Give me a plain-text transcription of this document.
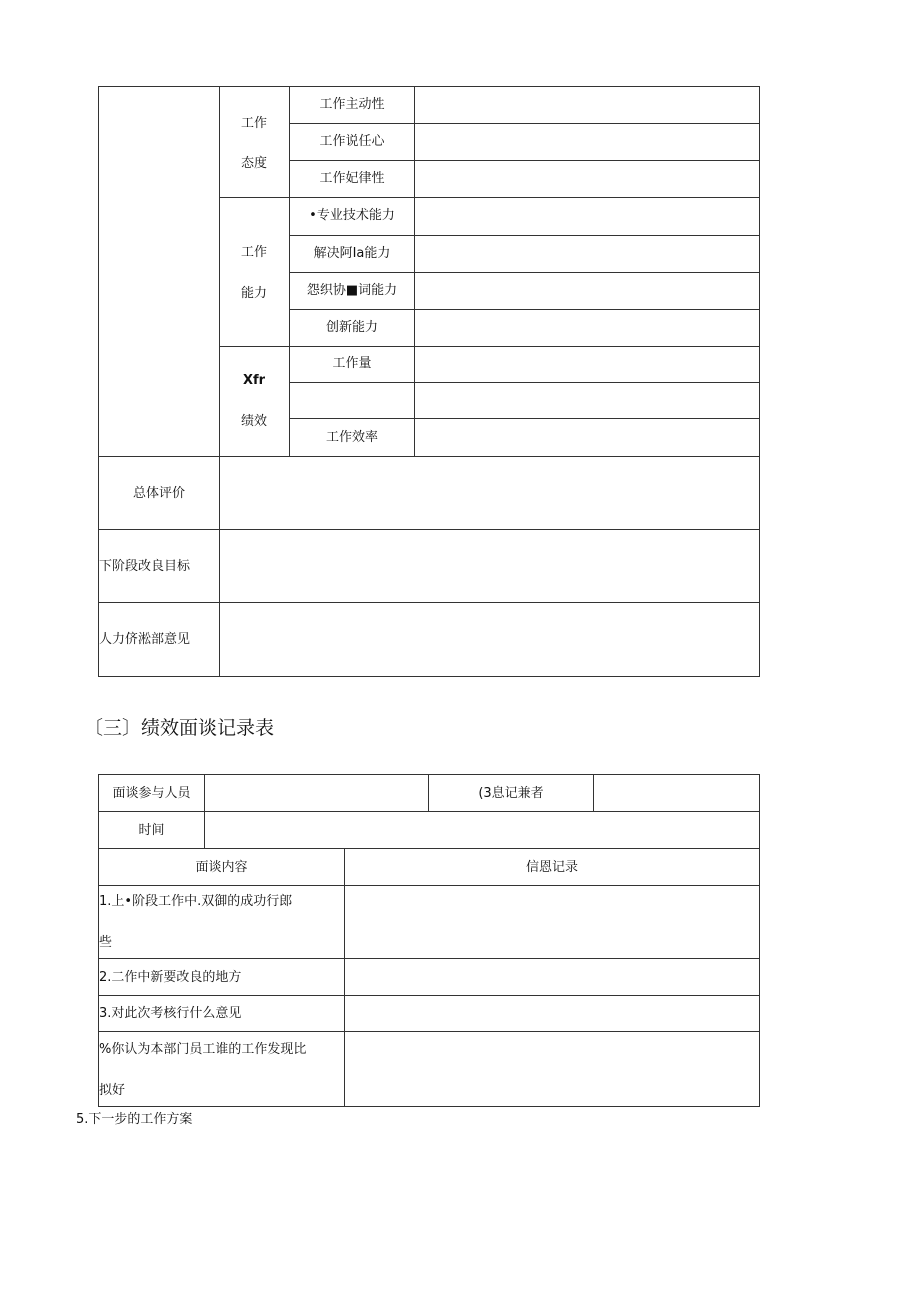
工作
态度
工作主动性
工作说任心
工作妃律性
工作
能力
•专业技术能力
解决阿Ia能力
怨织协■词能力
创新能力
Xfr
绩效
工作量
工作效率
总体评价
下阶段改良目标
人力侪淞部意见
〔三〕绩效面谈记录表
面谈参与人员	(3息记兼者
时间
面谈内容	信恩记录
1.上•阶段工作中.双御的成功行郎
些
2.二作中新要改良的地方
3.对此次考核行什么意见
%你认为本部门员工谁的工作发现比
拟好
5.下一步的工作方案
